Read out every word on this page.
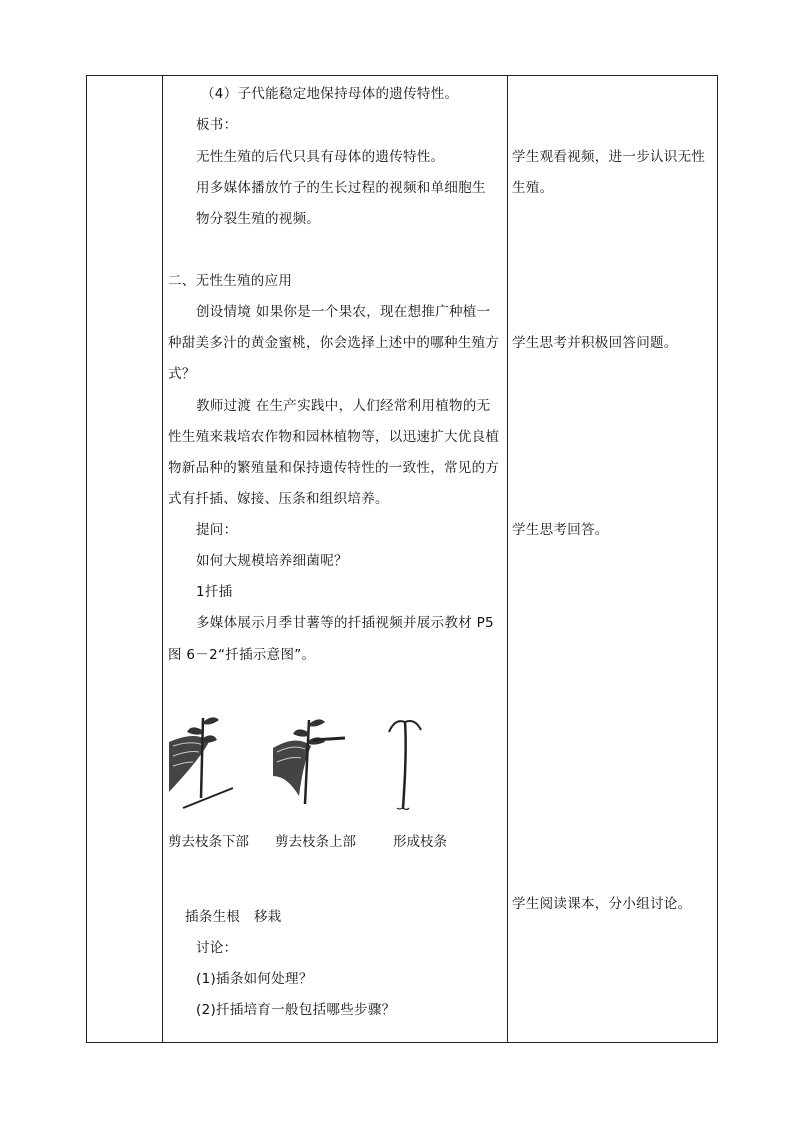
（4）子代能稳定地保持母体的遗传特性。
板书：
无性生殖的后代只具有母体的遗传特性。
用多媒体播放竹子的生长过程的视频和单细胞生
物分裂生殖的视频。
二、无性生殖的应用
创设情境 如果你是一个果农，现在想推广种植一
种甜美多汁的黄金蜜桃，你会选择上述中的哪种生殖方
式？
教师过渡 在生产实践中，人们经常利用植物的无
性生殖来栽培农作物和园林植物等，以迅速扩大优良植
物新品种的繁殖量和保持遗传特性的一致性，常见的方
式有扦插、嫁接、压条和组织培养。
提问：
如何大规模培养细菌呢？
1扦插
多媒体展示月季甘薯等的扦插视频并展示教材 P5
图 6－2“扦插示意图”。
剪去枝条下部 剪去枝条上部	形成枝条
插条生根　移栽
讨论：
(1)插条如何处理？
(2)扦插培育一般包括哪些步骤？
学生观看视频，进一步认识无性
生殖。
学生思考并积极回答问题。
学生思考回答。
学生阅读课本，分小组讨论。
